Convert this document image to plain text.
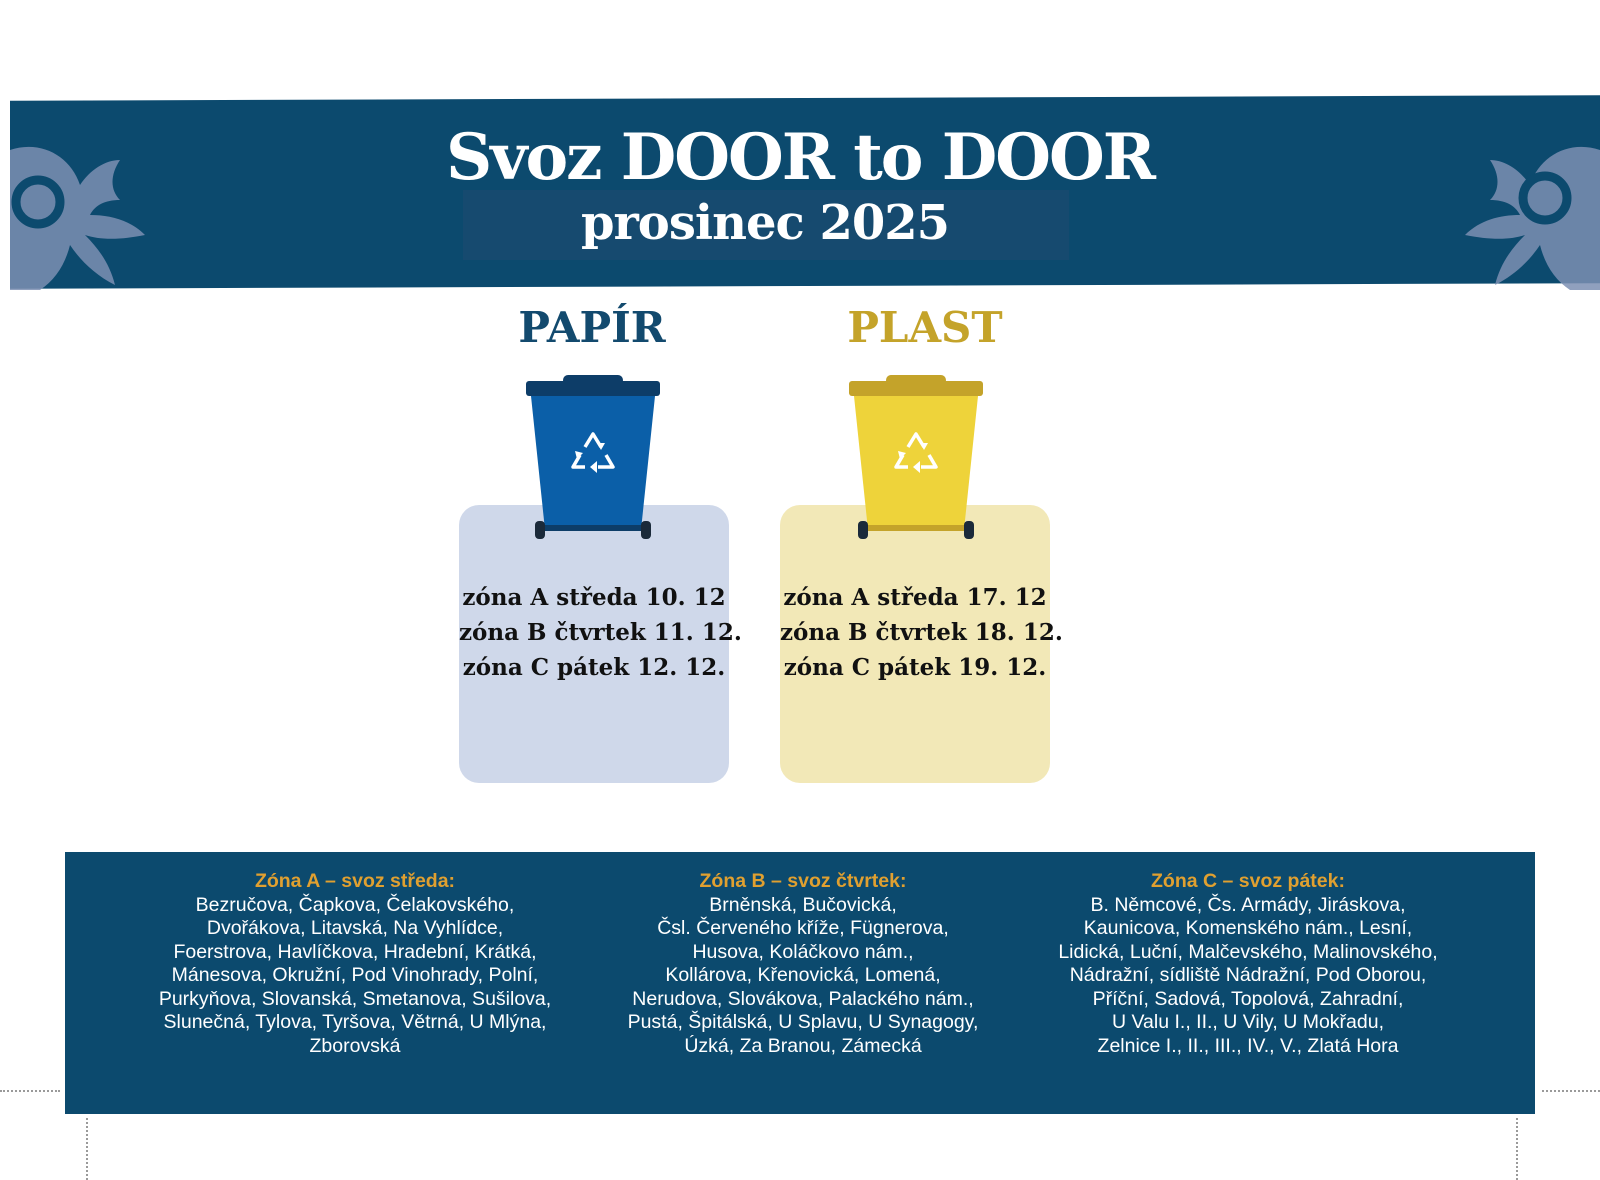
Svoz DOOR to DOOR
prosinec 2025
PAPÍR
zóna A středa 10. 12
zóna B čtvrtek 11. 12.
zóna C pátek 12. 12.
PLAST
zóna A středa 17. 12
zóna B čtvrtek 18. 12.
zóna C pátek 19. 12.
Zóna A – svoz středa:
Bezručova, Čapkova, Čelakovského,
Dvořákova, Litavská, Na Vyhlídce,
Foerstrova, Havlíčkova, Hradební, Krátká,
Mánesova, Okružní, Pod Vinohrady, Polní,
Purkyňova, Slovanská, Smetanova, Sušilova,
Slunečná, Tylova, Tyršova, Větrná, U Mlýna,
Zborovská
Zóna B – svoz čtvrtek:
Brněnská, Bučovická,
Čsl. Červeného kříže, Fügnerova,
Husova, Koláčkovo nám.,
Kollárova, Křenovická, Lomená,
Nerudova, Slovákova, Palackého nám.,
Pustá, Špitálská, U Splavu, U Synagogy,
Úzká, Za Branou, Zámecká
Zóna C – svoz pátek:
B. Němcové, Čs. Armády, Jiráskova,
Kaunicova, Komenského nám., Lesní,
Lidická, Luční, Malčevského, Malinovského,
Nádražní, sídliště Nádražní, Pod Oborou,
Příční, Sadová, Topolová, Zahradní,
U Valu I., II., U Vily, U Mokřadu,
Zelnice I., II., III., IV., V., Zlatá Hora
